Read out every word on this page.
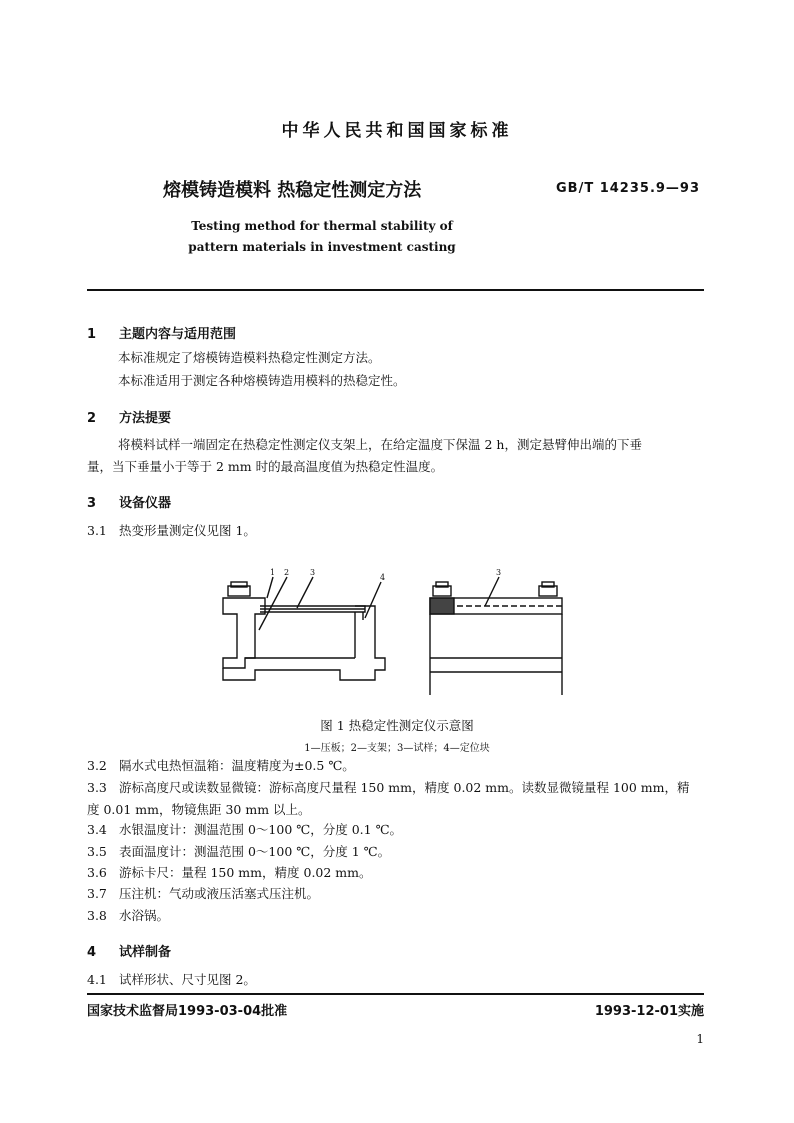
中华人民共和国国家标准
熔模铸造模料 热稳定性测定方法	GB/T 14235.9—93
Testing method for thermal stability of
pattern materials in investment casting
1 主题内容与适用范围
本标准规定了熔模铸造模料热稳定性测定方法。
本标准适用于测定各种熔模铸造用模料的热稳定性。
2 方法提要
将模料试样一端固定在热稳定性测定仪支架上，在给定温度下保温 2 h，测定悬臂伸出端的下垂
量，当下垂量小于等于 2 mm 时的最高温度值为热稳定性温度。
3 设备仪器
3.1 热变形量测定仪见图 1。
1 2	3
4
3
图 1 热稳定性测定仪示意图
1—压板；2—支架；3—试样；4—定位块
3.2 隔水式电热恒温箱：温度精度为±0.5 ℃。
3.3 游标高度尺或读数显微镜：游标高度尺量程 150 mm，精度 0.02 mm。读数显微镜量程 100 mm，精
度 0.01 mm，物镜焦距 30 mm 以上。
3.4 水银温度计：测温范围 0～100 ℃，分度 0.1 ℃。
3.5 表面温度计：测温范围 0～100 ℃，分度 1 ℃。
3.6 游标卡尺：量程 150 mm，精度 0.02 mm。
3.7 压注机：气动或液压活塞式压注机。
3.8 水浴锅。
4 试样制备
4.1 试样形状、尺寸见图 2。
国家技术监督局1993-03-04批准	1993-12-01实施
1
